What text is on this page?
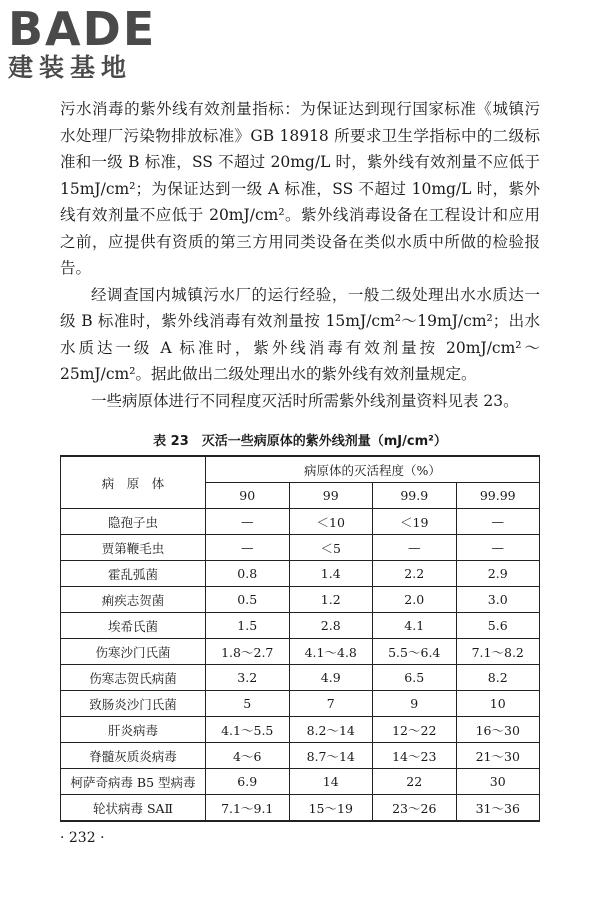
BADE
建装基地

污水消毒的紫外线有效剂量指标：为保证达到现行国家标准《城镇污水处理厂污染物排放标准》GB 18918 所要求卫生学指标中的二级标准和一级 B 标准，SS 不超过 20mg/L 时，紫外线有效剂量不应低于 15mJ/cm²；为保证达到一级 A 标准，SS 不超过 10mg/L 时，紫外线有效剂量不应低于 20mJ/cm²。紫外线消毒设备在工程设计和应用之前，应提供有资质的第三方用同类设备在类似水质中所做的检验报告。

经调查国内城镇污水厂的运行经验，一般二级处理出水水质达一级 B 标准时，紫外线消毒有效剂量按 15mJ/cm²～19mJ/cm²；出水水质达一级 A 标准时，紫外线消毒有效剂量按 20mJ/cm²～25mJ/cm²。据此做出二级处理出水的紫外线有效剂量规定。

一些病原体进行不同程度灭活时所需紫外线剂量资料见表 23。

表 23　灭活一些病原体的紫外线剂量（mJ/cm²）
病　原　体	病原体的灭活程度（%）			
	90	99	99.9	99.99
隐孢子虫	—	＜10	＜19	—
贾第鞭毛虫	—	＜5	—	—
霍乱弧菌	0.8	1.4	2.2	2.9
痢疾志贺菌	0.5	1.2	2.0	3.0
埃希氏菌	1.5	2.8	4.1	5.6
伤寒沙门氏菌	1.8～2.7	4.1～4.8	5.5～6.4	7.1～8.2
伤寒志贺氏病菌	3.2	4.9	6.5	8.2
致肠炎沙门氏菌	5	7	9	10
肝炎病毒	4.1～5.5	8.2～14	12～22	16～30
脊髓灰质炎病毒	4～6	8.7～14	14～23	21～30
柯萨奇病毒 B5 型病毒	6.9	14	22	30
轮状病毒 SAⅡ	7.1～9.1	15～19	23～26	31～36
· 232 ·
